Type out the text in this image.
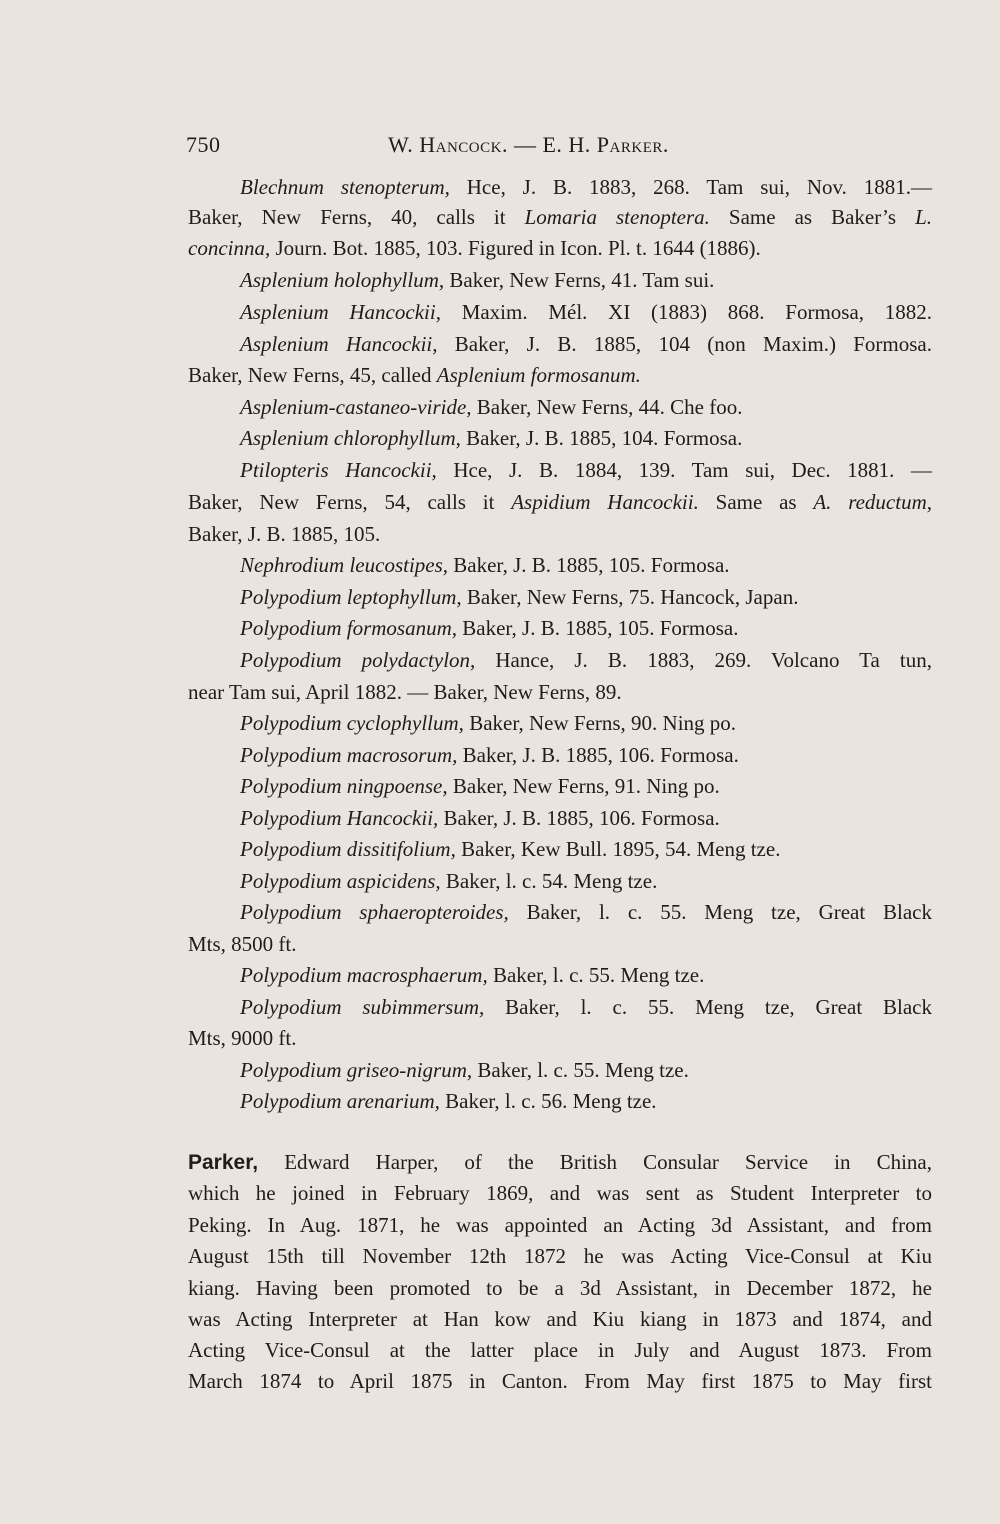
750	W. Hancock. — E. H. Parker.
Blechnum stenopterum, Hce, J. B. 1883, 268. Tam sui, Nov. 1881.—
Baker, New Ferns, 40, calls it Lomaria stenoptera. Same as Baker’s L.
concinna, Journ. Bot. 1885, 103. Figured in Icon. Pl. t. 1644 (1886).
Asplenium holophyllum, Baker, New Ferns, 41. Tam sui.
Asplenium Hancockii, Maxim. Mél. XI (1883) 868. Formosa, 1882.
Asplenium Hancockii, Baker, J. B. 1885, 104 (non Maxim.) Formosa.
Baker, New Ferns, 45, called Asplenium formosanum.
Asplenium-castaneo-viride, Baker, New Ferns, 44. Che foo.
Asplenium chlorophyllum, Baker, J. B. 1885, 104. Formosa.
Ptilopteris Hancockii, Hce, J. B. 1884, 139. Tam sui, Dec. 1881. —
Baker, New Ferns, 54, calls it Aspidium Hancockii. Same as A. reductum,
Baker, J. B. 1885, 105.
Nephrodium leucostipes, Baker, J. B. 1885, 105. Formosa.
Polypodium leptophyllum, Baker, New Ferns, 75. Hancock, Japan.
Polypodium formosanum, Baker, J. B. 1885, 105. Formosa.
Polypodium polydactylon, Hance, J. B. 1883, 269. Volcano Ta tun,
near Tam sui, April 1882. — Baker, New Ferns, 89.
Polypodium cyclophyllum, Baker, New Ferns, 90. Ning po.
Polypodium macrosorum, Baker, J. B. 1885, 106. Formosa.
Polypodium ningpoense, Baker, New Ferns, 91. Ning po.
Polypodium Hancockii, Baker, J. B. 1885, 106. Formosa.
Polypodium dissitifolium, Baker, Kew Bull. 1895, 54. Meng tze.
Polypodium aspicidens, Baker, l. c. 54. Meng tze.
Polypodium sphaeropteroides, Baker, l. c. 55. Meng tze, Great Black
Mts, 8500 ft.
Polypodium macrosphaerum, Baker, l. c. 55. Meng tze.
Polypodium subimmersum, Baker, l. c. 55. Meng tze, Great Black
Mts, 9000 ft.
Polypodium griseo-nigrum, Baker, l. c. 55. Meng tze.
Polypodium arenarium, Baker, l. c. 56. Meng tze.
Parker, Edward Harper, of the British Consular Service in China,
which he joined in February 1869, and was sent as Student Interpreter to
Peking. In Aug. 1871, he was appointed an Acting 3d Assistant, and from
August 15th till November 12th 1872 he was Acting Vice-Consul at Kiu
kiang. Having been promoted to be a 3d Assistant, in December 1872, he
was Acting Interpreter at Han kow and Kiu kiang in 1873 and 1874, and
Acting Vice-Consul at the latter place in July and August 1873. From
March 1874 to April 1875 in Canton. From May first 1875 to May first
